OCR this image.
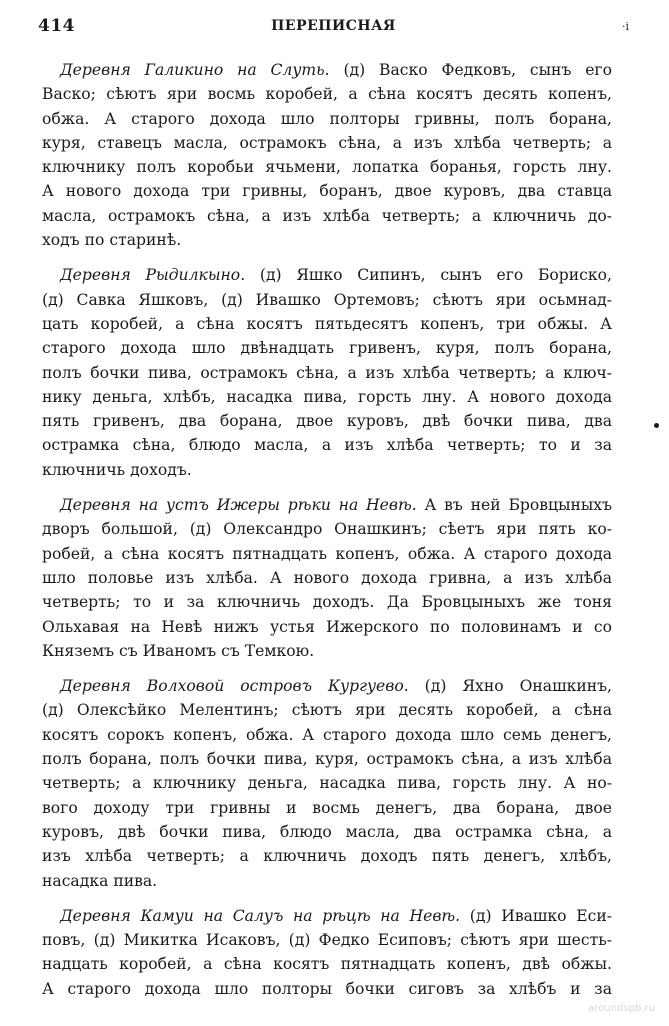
414	ПЕРЕПИСНАЯ	·i
Деревня Галикино на Слуть. (д) Васко Федковъ, сынъ его
Васко; сѣютъ яри восмь коробей, а сѣна косятъ десять копенъ,
обжа. А старого дохода шло полторы гривны, полъ борана,
куря, ставецъ масла, острамокъ сѣна, а изъ хлѣба четверть; а
ключнику полъ коробьи ячьмени, лопатка боранья, горсть лну.
А нового дохода три гривны, боранъ, двое куровъ, два ставца
масла, острамокъ сѣна, а изъ хлѣба четверть; а ключничь до-
ходъ по старинѣ.
Деревня Рыдилкыно. (д) Яшко Сипинъ, сынъ его Бориско,
(д) Савка Яшковъ, (д) Ивашко Ортемовъ; сѣютъ яри осьмнад-
цать коробей, а сѣна косятъ пятьдесятъ копенъ, три обжы. А
старого дохода шло двѣнадцать гривенъ, куря, полъ борана,
полъ бочки пива, острамокъ сѣна, а изъ хлѣба четверть; а ключ-
нику деньга, хлѣбъ, насадка пива, горсть лну. А нового дохода
пять гривенъ, два борана, двое куровъ, двѣ бочки пива, два
острамка сѣна, блюдо масла, а изъ хлѣба четверть; то и за
ключничь доходъ.
Деревня на устъ Ижеры рѣки на Невѣ. А въ ней Бровцыныхъ
дворъ большой, (д) Олександро Онашкинъ; сѣетъ яри пять ко-
робей, а сѣна косятъ пятнадцать копенъ, обжа. А старого дохода
шло половье изъ хлѣба. А нового дохода гривна, а изъ хлѣба
четверть; то и за ключничь доходъ. Да Бровцыныхъ же тоня
Ольхавая на Невѣ нижъ устья Ижерского по половинамъ и со
Княземъ съ Иваномъ съ Темкою.
Деревня Волховой островъ Кургуево. (д) Яхно Онашкинъ,
(д) Олексѣйко Мелентинъ; сѣютъ яри десять коробей, а сѣна
косятъ сорокъ копенъ, обжа. А старого дохода шло семь денегъ,
полъ борана, полъ бочки пива, куря, острамокъ сѣна, а изъ хлѣба
четверть; а ключнику деньга, насадка пива, горсть лну. А но-
вого доходу три гривны и восмь денегъ, два борана, двое
куровъ, двѣ бочки пива, блюдо масла, два острамка сѣна, а
изъ хлѣба четверть; а ключничь доходъ пять денегъ, хлѣбъ,
насадка пива.
Деревня Камуи на Салуъ на рѣцѣ на Невѣ. (д) Ивашко Еси-
повъ, (д) Микитка Исаковъ, (д) Федко Есиповъ; сѣютъ яри шесть-
надцать коробей, а сѣна косятъ пятнадцать копенъ, двѣ обжы.
А старого дохода шло полторы бочки сиговъ за хлѣбъ и за
aroundspb.ru
